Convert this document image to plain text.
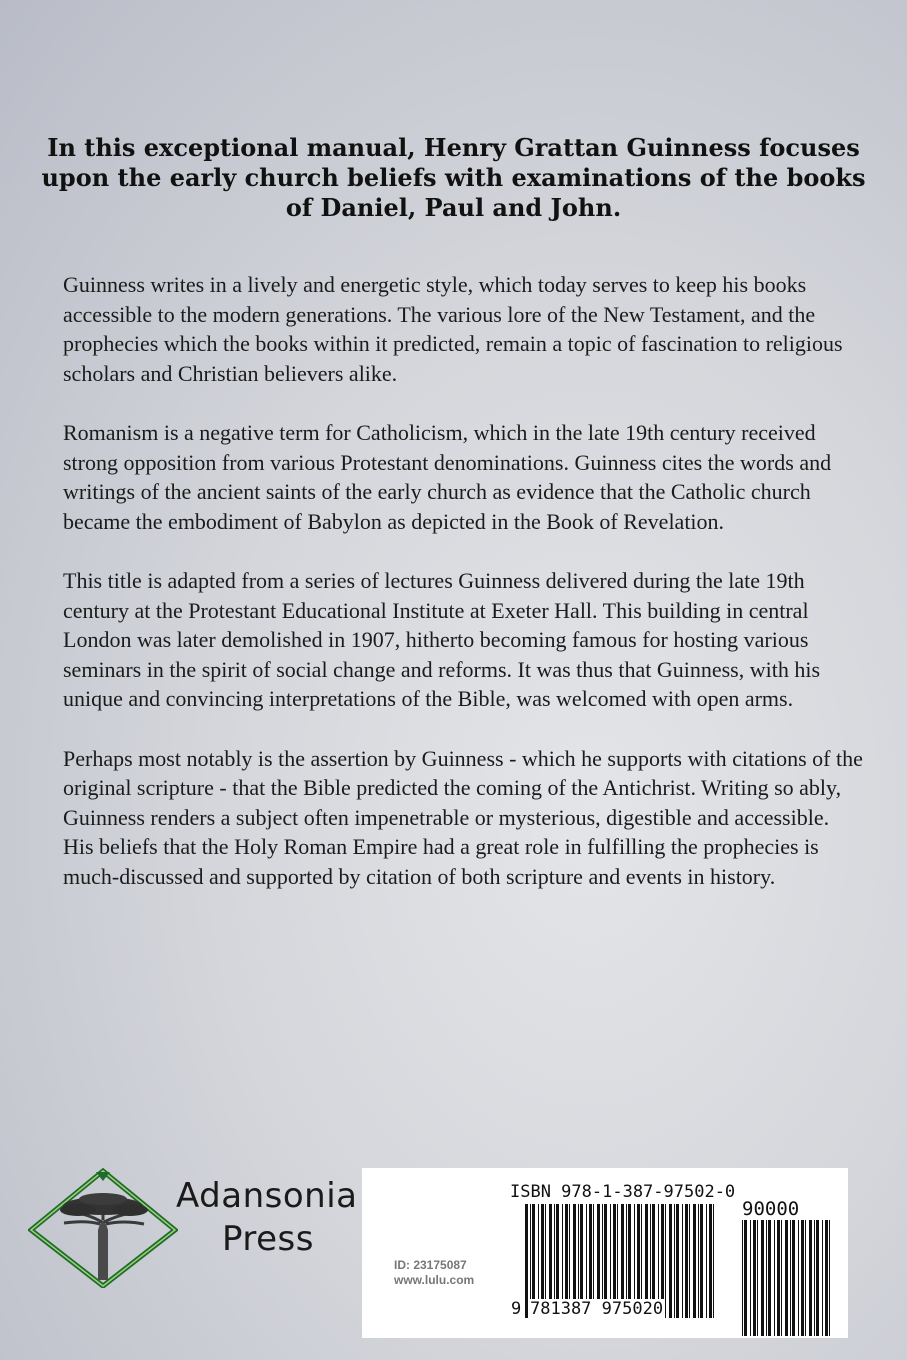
In this exceptional manual, Henry Grattan Guinness focuses upon the early church beliefs with examinations of the books of Daniel, Paul and John.

Guinness writes in a lively and energetic style, which today serves to keep his books accessible to the modern generations. The various lore of the New Testament, and the prophecies which the books within it predicted, remain a topic of fascination to religious scholars and Christian believers alike.

Romanism is a negative term for Catholicism, which in the late 19th century received strong opposition from various Protestant denominations. Guinness cites the words and writings of the ancient saints of the early church as evidence that the Catholic church became the embodiment of Babylon as depicted in the Book of Revelation.

This title is adapted from a series of lectures Guinness delivered during the late 19th century at the Protestant Educational Institute at Exeter Hall. This building in central London was later demolished in 1907, hitherto becoming famous for hosting various seminars in the spirit of social change and reforms. It was thus that Guinness, with his unique and convincing interpretations of the Bible, was welcomed with open arms.

Perhaps most notably is the assertion by Guinness - which he supports with citations of the original scripture - that the Bible predicted the coming of the Antichrist. Writing so ably, Guinness renders a subject often impenetrable or mysterious, digestible and accessible. His beliefs that the Holy Roman Empire had a great role in fulfilling the prophecies is much-discussed and supported by citation of both scripture and events in history.

Adansonia
Press
ISBN 978-1-387-97502-0
90000
ID: 23175087
www.lulu.com
9 781387 975020
